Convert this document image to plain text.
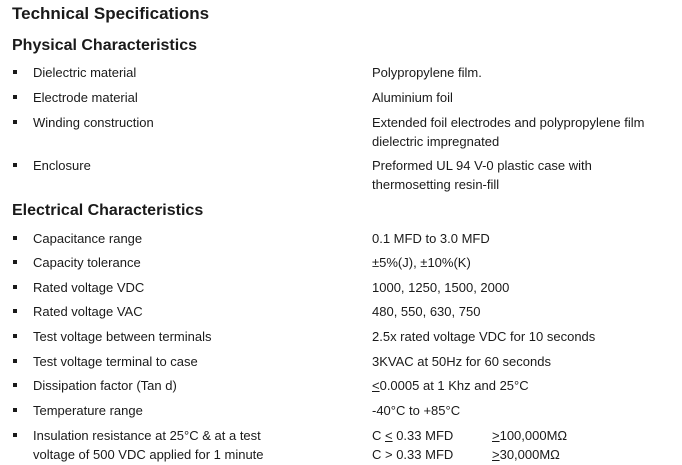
Technical Specifications
Physical Characteristics
Dielectric material	Polypropylene film.
Electrode material	Aluminium foil
Winding construction	Extended foil electrodes and polypropylene film
dielectric impregnated
Enclosure	Preformed UL 94 V-0 plastic case with
thermosetting resin-fill
Electrical Characteristics
Capacitance range	0.1 MFD to 3.0 MFD
Capacity tolerance	±5%(J), ±10%(K)
Rated voltage VDC	1000, 1250, 1500, 2000
Rated voltage VAC	480, 550, 630, 750
Test voltage between terminals	2.5x rated voltage VDC for 10 seconds
Test voltage terminal to case	3KVAC at 50Hz for 60 seconds
Dissipation factor (Tan d)	≤0.0005 at 1 Khz and 25°C
Temperature range	-40°C to +85°C
Insulation resistance at 25°C & at a test
voltage of 500 VDC applied for 1 minute
C ≤ 0.33 MFD	≥100,000MΩ

C > 0.33 MFD	≥30,000MΩ
